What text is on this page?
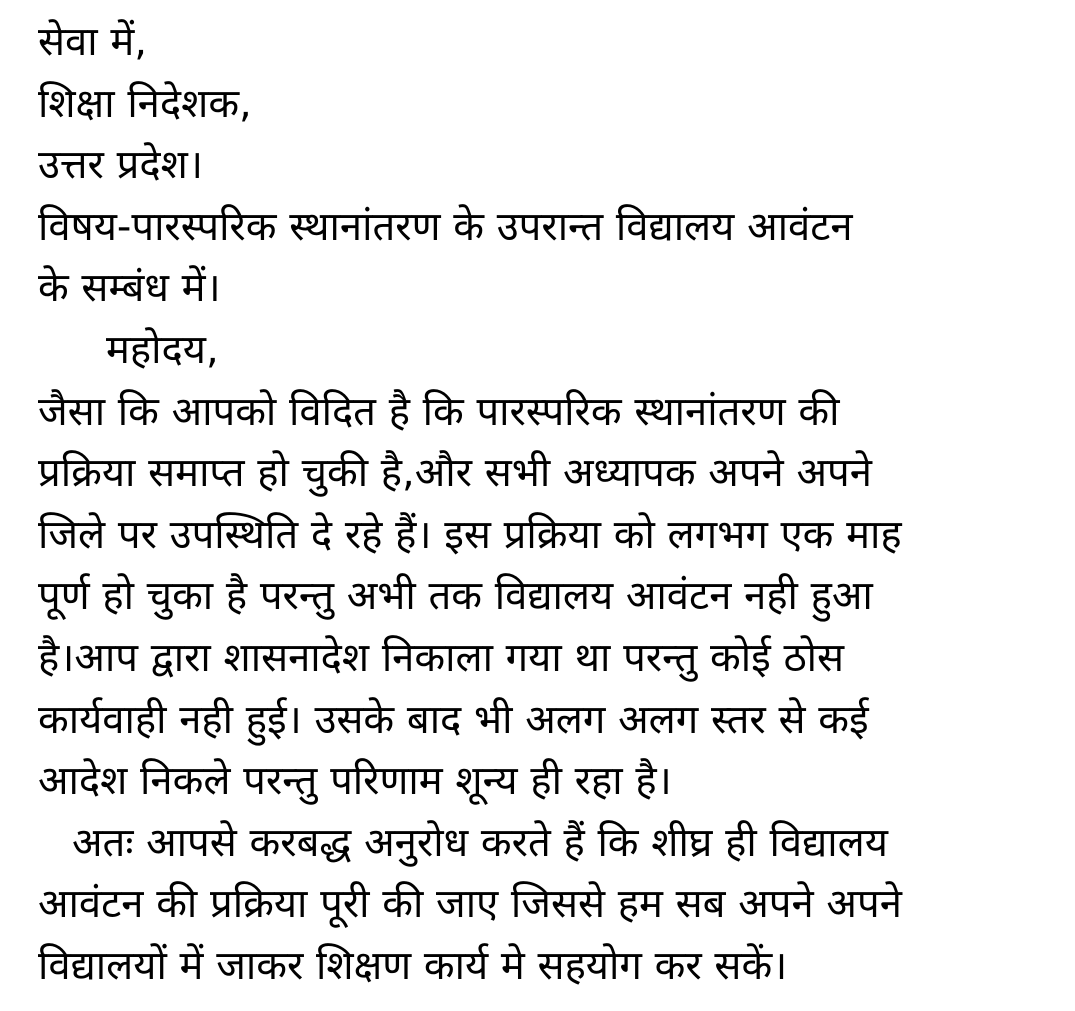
सेवा में,
शिक्षा निदेशक,
उत्तर प्रदेश।
विषय-पारस्परिक स्थानांतरण के उपरान्त विद्यालय आवंटन
के सम्बंध में।
महोदय,
जैसा कि आपको विदित है कि पारस्परिक स्थानांतरण की
प्रक्रिया समाप्त हो चुकी है,और सभी अध्यापक अपने अपने
जिले पर उपस्थिति दे रहे हैं। इस प्रक्रिया को लगभग एक माह
पूर्ण हो चुका है परन्तु अभी तक विद्यालय आवंटन नही हुआ
है।आप द्वारा शासनादेश निकाला गया था परन्तु कोई ठोस
कार्यवाही नही हुई। उसके बाद भी अलग अलग स्तर से कई
आदेश निकले परन्तु परिणाम शून्य ही रहा है।
अतः आपसे करबद्ध अनुरोध करते हैं कि शीघ्र ही विद्यालय
आवंटन की प्रक्रिया पूरी की जाए जिससे हम सब अपने अपने
विद्यालयों में जाकर शिक्षण कार्य मे सहयोग कर सकें।
